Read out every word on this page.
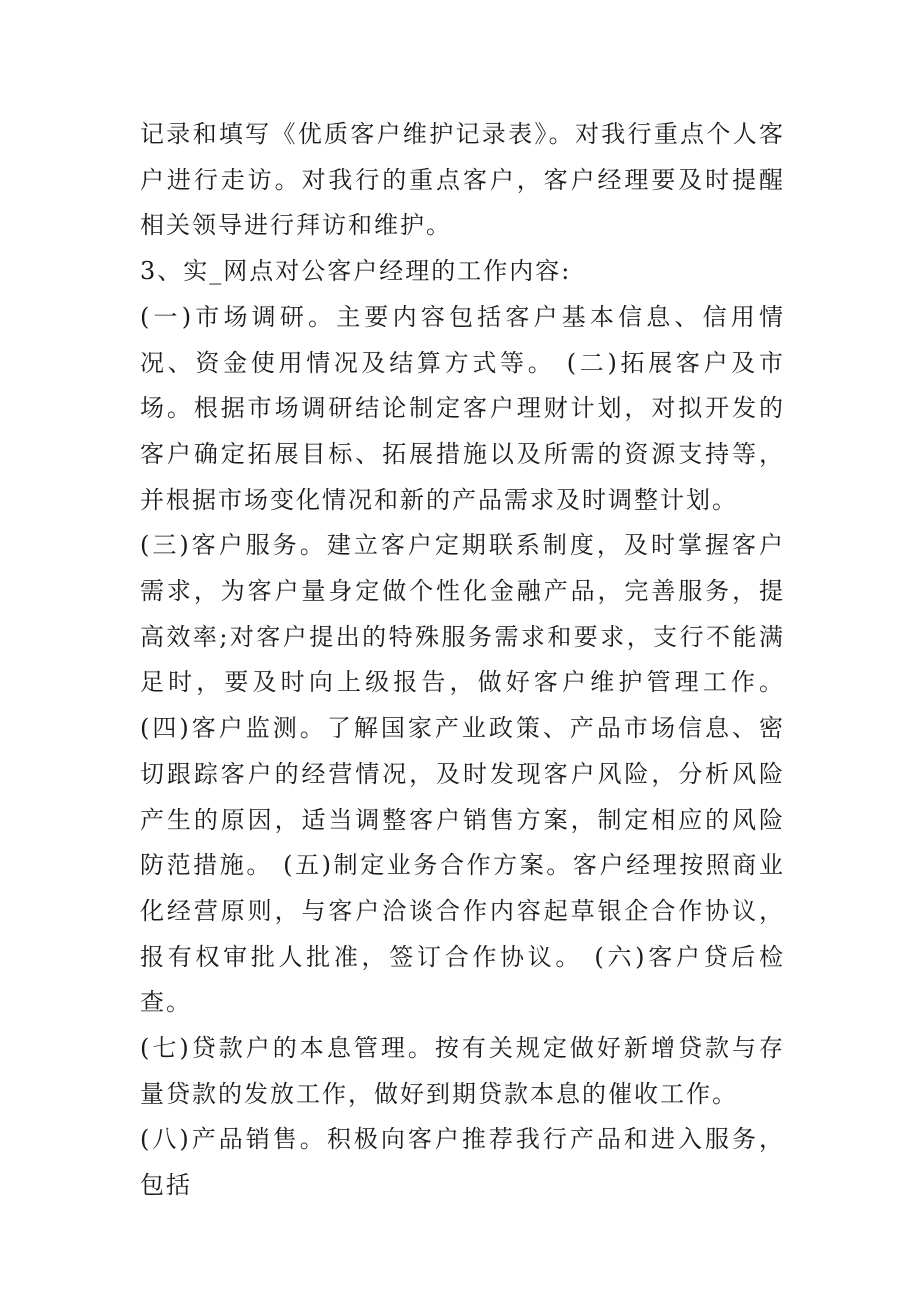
记录和填写《优质客户维护记录表》。对我行重点个人客户进行走访。对我行的重点客户，客户经理要及时提醒相关领导进行拜访和维护。

3、实_网点对公客户经理的工作内容:

(一)市场调研。主要内容包括客户基本信息、信用情况、资金使用情况及结算方式等。 (二)拓展客户及市场。根据市场调研结论制定客户理财计划，对拟开发的客户确定拓展目标、拓展措施以及所需的资源支持等，并根据市场变化情况和新的产品需求及时调整计划。

(三)客户服务。建立客户定期联系制度，及时掌握客户需求，为客户量身定做个性化金融产品，完善服务，提高效率;对客户提出的特殊服务需求和要求，支行不能满足时，要及时向上级报告，做好客户维护管理工作。 (四)客户监测。了解国家产业政策、产品市场信息、密切跟踪客户的经营情况，及时发现客户风险，分析风险产生的原因，适当调整客户销售方案，制定相应的风险防范措施。 (五)制定业务合作方案。客户经理按照商业化经营原则，与客户洽谈合作内容起草银企合作协议，报有权审批人批准，签订合作协议。 (六)客户贷后检查。

(七)贷款户的本息管理。按有关规定做好新增贷款与存量贷款的发放工作，做好到期贷款本息的催收工作。

(八)产品销售。积极向客户推荐我行产品和进入服务，包括
